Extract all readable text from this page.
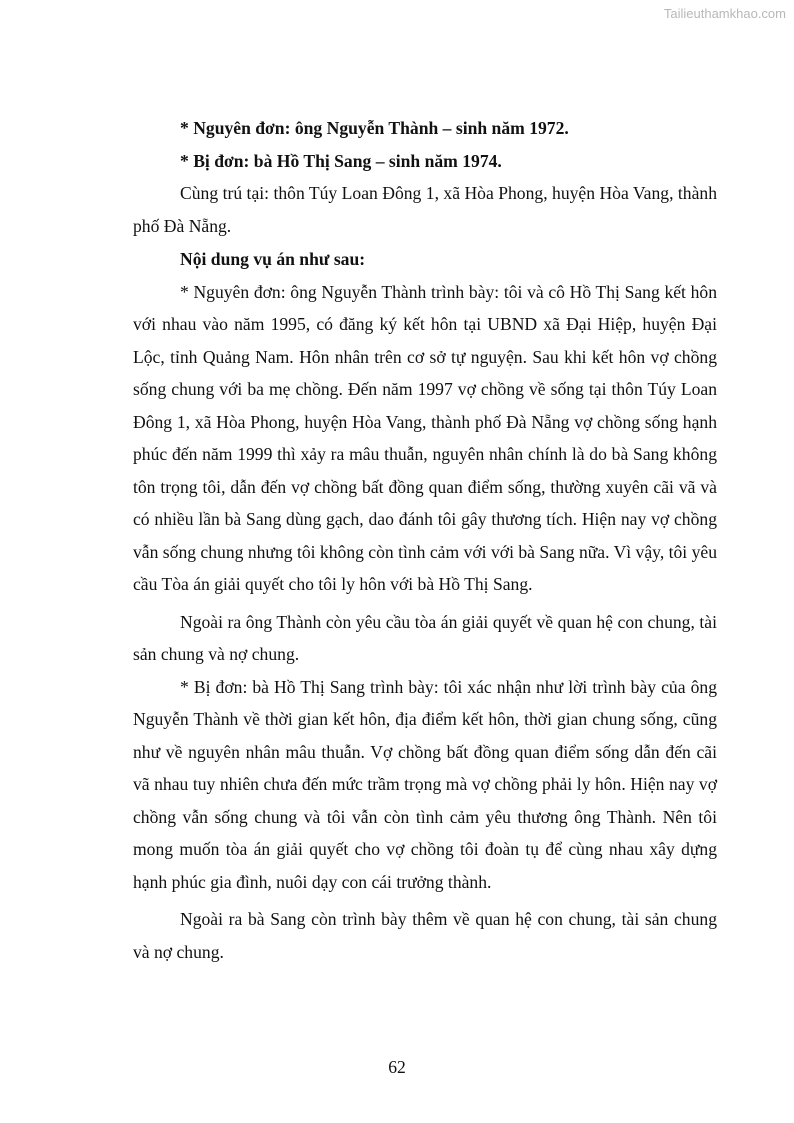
Tailieuthamkhao.com

* Nguyên đơn: ông Nguyễn Thành – sinh năm 1972.

* Bị đơn: bà Hồ Thị Sang – sinh năm 1974.

Cùng trú tại: thôn Túy Loan Đông 1, xã Hòa Phong, huyện Hòa Vang, thành phố Đà Nẵng.

Nội dung vụ án như sau:

* Nguyên đơn: ông Nguyễn Thành trình bày: tôi và cô Hồ Thị Sang kết hôn với nhau vào năm 1995, có đăng ký kết hôn tại UBND xã Đại Hiệp, huyện Đại Lộc, tỉnh Quảng Nam. Hôn nhân trên cơ sở tự nguyện. Sau khi kết hôn vợ chồng sống chung với ba mẹ chồng. Đến năm 1997 vợ chồng về sống tại thôn Túy Loan Đông 1, xã Hòa Phong, huyện Hòa Vang, thành phố Đà Nẵng vợ chồng sống hạnh phúc đến năm 1999 thì xảy ra mâu thuẫn, nguyên nhân chính là do bà Sang không tôn trọng tôi, dẫn đến vợ chồng bất đồng quan điểm sống, thường xuyên cãi vã và có nhiều lần bà Sang dùng gạch, dao đánh tôi gây thương tích. Hiện nay vợ chồng vẫn sống chung nhưng tôi không còn tình cảm với với bà Sang nữa. Vì vậy, tôi yêu cầu Tòa án giải quyết cho tôi ly hôn với bà Hồ Thị Sang.

Ngoài ra ông Thành còn yêu cầu tòa án giải quyết về quan hệ con chung, tài sản chung và nợ chung.

* Bị đơn: bà Hồ Thị Sang trình bày: tôi xác nhận như lời trình bày của ông Nguyễn Thành về thời gian kết hôn, địa điểm kết hôn, thời gian chung sống, cũng như về nguyên nhân mâu thuẫn. Vợ chồng bất đồng quan điểm sống dẫn đến cãi vã nhau tuy nhiên chưa đến mức trầm trọng mà vợ chồng phải ly hôn. Hiện nay vợ chồng vẫn sống chung và tôi vẫn còn tình cảm yêu thương ông Thành. Nên tôi mong muốn tòa án giải quyết cho vợ chồng tôi đoàn tụ để cùng nhau xây dựng hạnh phúc gia đình, nuôi dạy con cái trưởng thành.

Ngoài ra bà Sang còn trình bày thêm về quan hệ con chung, tài sản chung và nợ chung.

62
